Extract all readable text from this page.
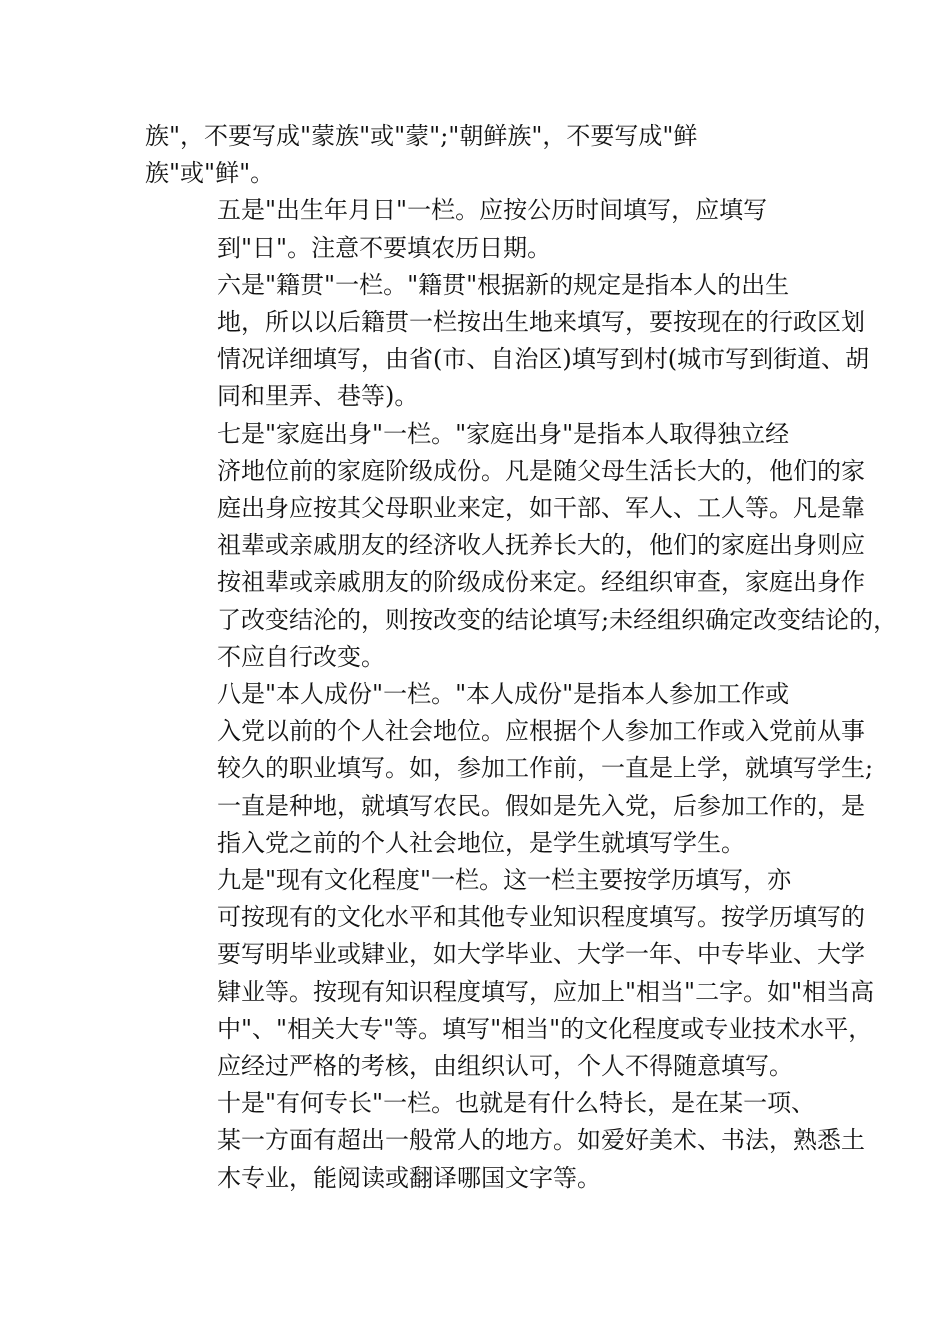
族"，不要写成"蒙族"或"蒙";"朝鲜族"，不要写成"鲜
族"或"鲜"。

五是"出生年月日"一栏。应按公历时间填写，应填写
到"日"。注意不要填农历日期。

六是"籍贯"一栏。"籍贯"根据新的规定是指本人的出生
地，所以以后籍贯一栏按出生地来填写，要按现在的行政区划
情况详细填写，由省(市、自治区)填写到村(城市写到街道、胡
同和里弄、巷等)。

七是"家庭出身"一栏。"家庭出身"是指本人取得独立经
济地位前的家庭阶级成份。凡是随父母生活长大的，他们的家
庭出身应按其父母职业来定，如干部、军人、工人等。凡是靠
祖辈或亲戚朋友的经济收人抚养长大的，他们的家庭出身则应
按祖辈或亲戚朋友的阶级成份来定。经组织审查，家庭出身作
了改变结沦的，则按改变的结论填写;未经组织确定改变结论的，
不应自行改变。

八是"本人成份"一栏。"本人成份"是指本人参加工作或
入党以前的个人社会地位。应根据个人参加工作或入党前从事
较久的职业填写。如，参加工作前，一直是上学，就填写学生;
一直是种地，就填写农民。假如是先入党，后参加工作的，是
指入党之前的个人社会地位，是学生就填写学生。

九是"现有文化程度"一栏。这一栏主要按学历填写，亦
可按现有的文化水平和其他专业知识程度填写。按学历填写的
要写明毕业或肄业，如大学毕业、大学一年、中专毕业、大学
肄业等。按现有知识程度填写，应加上"相当"二字。如"相当高
中"、"相关大专"等。填写"相当"的文化程度或专业技术水平，
应经过严格的考核，由组织认可，个人不得随意填写。

十是"有何专长"一栏。也就是有什么特长，是在某一项、
某一方面有超出一般常人的地方。如爱好美术、书法，熟悉土
木专业，能阅读或翻译哪国文字等。
